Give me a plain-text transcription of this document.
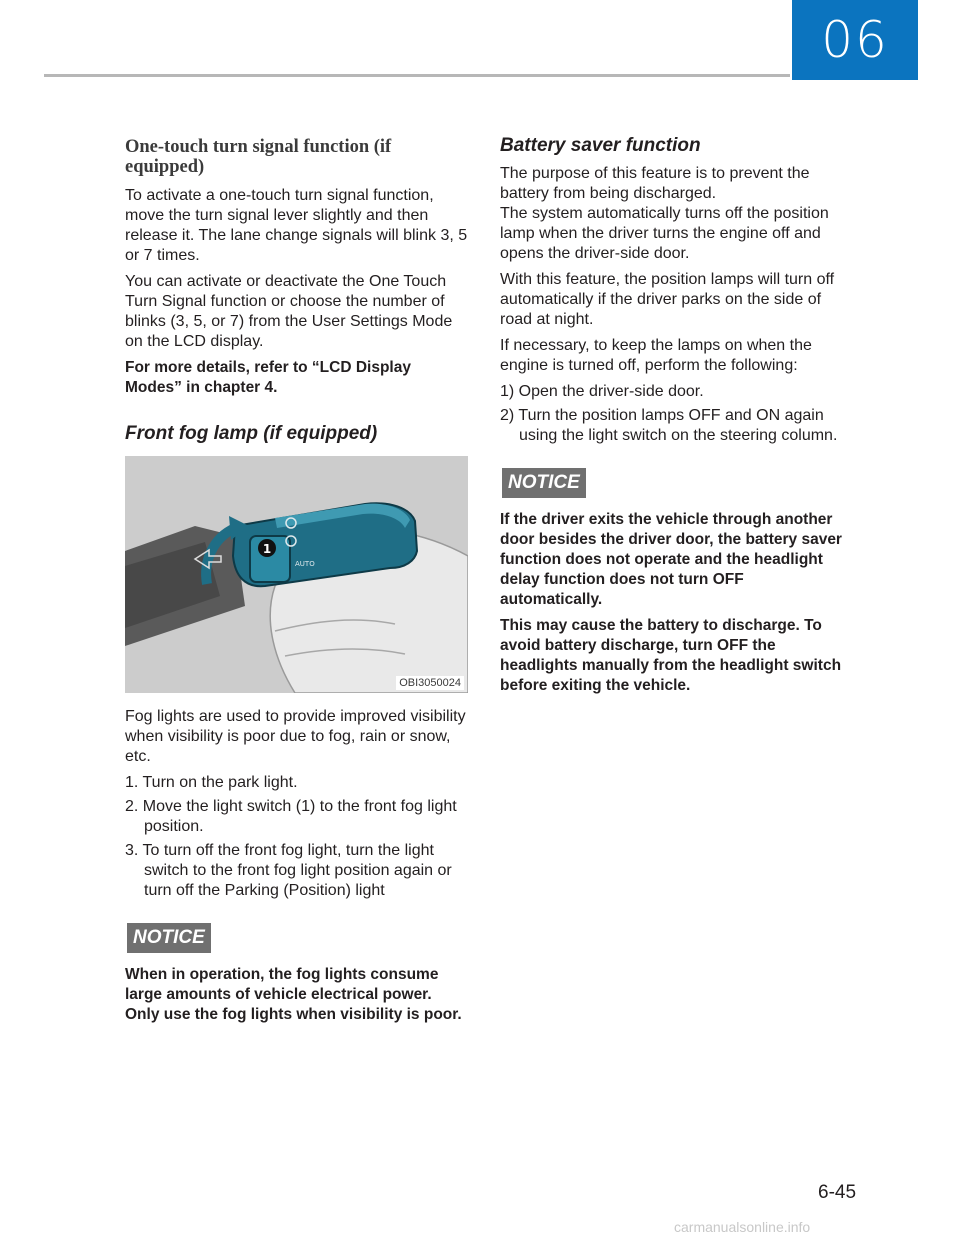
06
One-touch turn signal function (if equipped)

To activate a one-touch turn signal function, move the turn signal lever slightly and then release it. The lane change signals will blink 3, 5 or 7 times.

You can activate or deactivate the One Touch Turn Signal function or choose the number of blinks (3, 5, or 7) from the User Settings Mode on the LCD display.

For more details, refer to “LCD Display Modes” in chapter 4.

Front fog lamp (if equipped)
1
AUTO
OBI3050024

Fog lights are used to provide improved visibility when visibility is poor due to fog, rain or snow, etc.

1. Turn on the park light.
2. Move the light switch (1) to the front fog light position.
3. To turn off the front fog light, turn the light switch to the front fog light position again or turn off the Parking (Position) light
NOTICE

When in operation, the fog lights consume large amounts of vehicle electrical power. Only use the fog lights when visibility is poor.

Battery saver function

The purpose of this feature is to prevent the battery from being discharged.

The system automatically turns off the position lamp when the driver turns the engine off and opens the driver-side door.

With this feature, the position lamps will turn off automatically if the driver parks on the side of road at night.

If necessary, to keep the lamps on when the engine is turned off, perform the following:

1) Open the driver-side door.
2) Turn the position lamps OFF and ON again using the light switch on the steering column.
NOTICE

If the driver exits the vehicle through another door besides the driver door, the battery saver function does not operate and the headlight delay function does not turn OFF automatically.

This may cause the battery to discharge. To avoid battery discharge, turn OFF the headlights manually from the headlight switch before exiting the vehicle.

6-45
carmanualsonline.info
